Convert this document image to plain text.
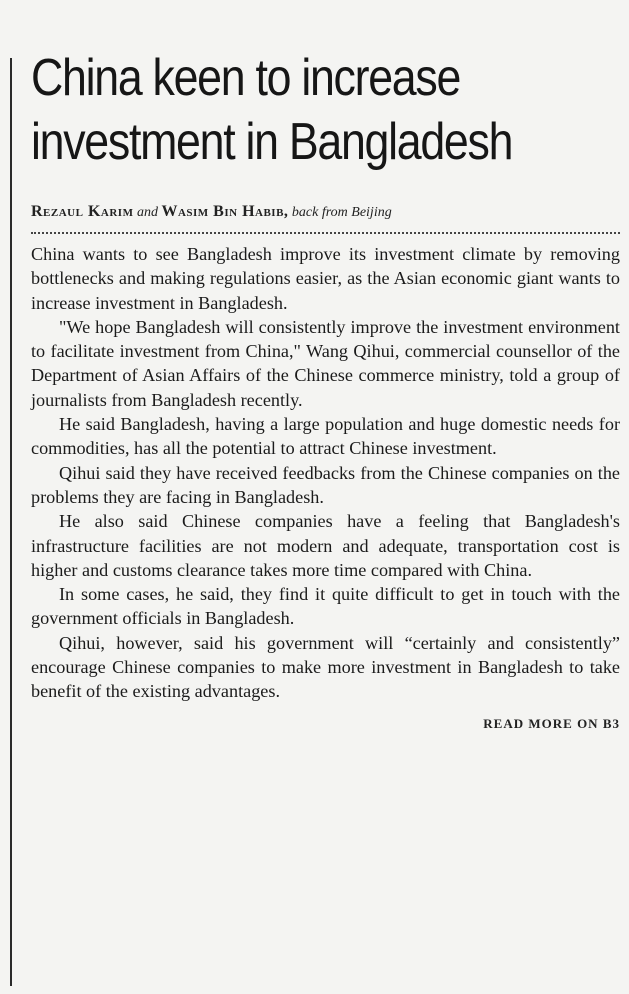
China keen to increase investment in Bangladesh
Rezaul Karim and Wasim Bin Habib, back from Beijing

China wants to see Bangladesh improve its investment climate by removing bottlenecks and making regulations easier, as the Asian economic giant wants to increase investment in Bangladesh.

"We hope Bangladesh will consistently improve the investment environment to facilitate investment from China," Wang Qihui, commercial counsellor of the Department of Asian Affairs of the Chinese commerce ministry, told a group of journalists from Bangladesh recently.

He said Bangladesh, having a large population and huge domestic needs for commodities, has all the potential to attract Chinese investment.

Qihui said they have received feedbacks from the Chinese companies on the problems they are facing in Bangladesh.

He also said Chinese companies have a feeling that Bangladesh's infrastructure facilities are not modern and adequate, transportation cost is higher and customs clearance takes more time compared with China.

In some cases, he said, they find it quite difficult to get in touch with the government officials in Bangladesh.

Qihui, however, said his government will “certainly and consistently” encourage Chinese companies to make more investment in Bangladesh to take benefit of the existing advantages.

READ MORE ON B3
